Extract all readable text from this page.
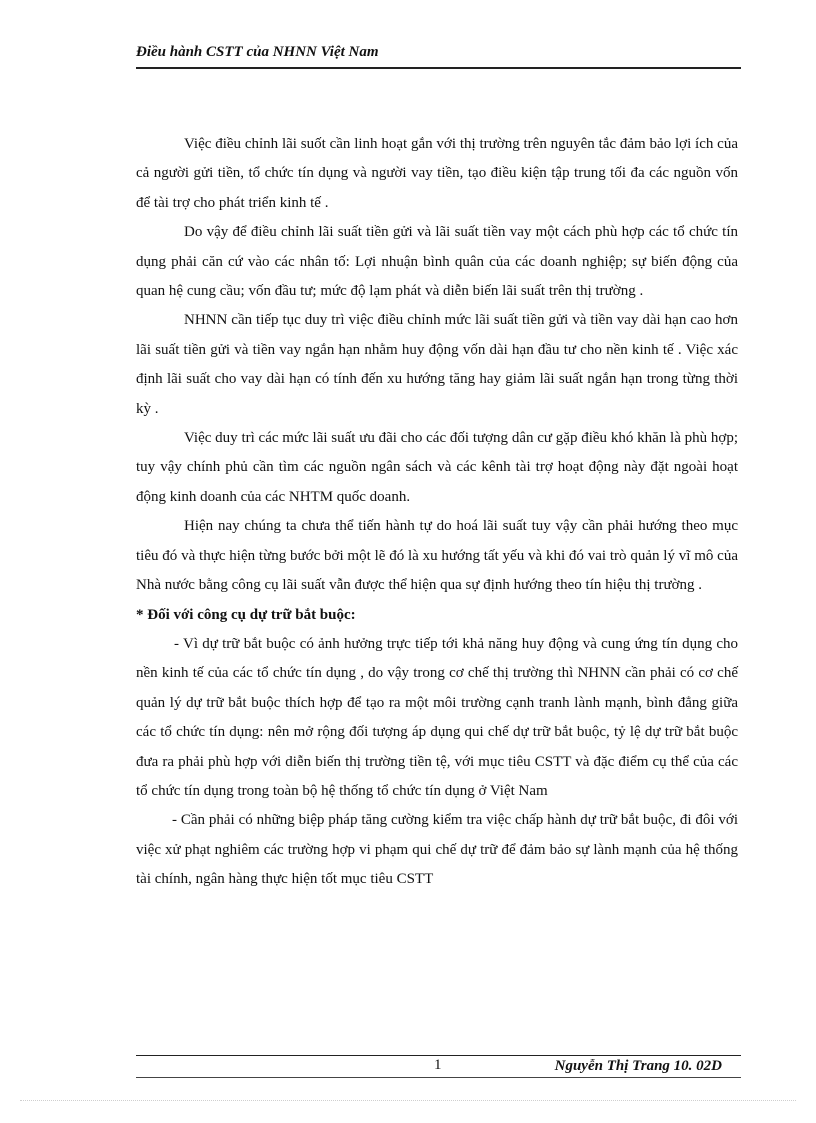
Điều hành CSTT của NHNN Việt Nam

Việc điều chỉnh lãi suốt cần linh hoạt gắn với thị trường trên nguyên tắc đảm bảo lợi ích của cả người gửi tiền, tổ chức tín dụng và người vay tiền, tạo điều kiện tập trung tối đa các nguồn vốn để tài trợ cho phát triển kinh tế .

Do vậy để điều chỉnh lãi suất tiền gửi và lãi suất tiền vay một cách phù hợp các tổ chức tín dụng phải căn cứ vào các nhân tố: Lợi nhuận bình quân của các doanh nghiệp; sự biến động của quan hệ cung cầu; vốn đầu tư; mức độ lạm phát và diễn biến lãi suất trên thị trường .

NHNN cần tiếp tục duy trì việc điều chỉnh mức lãi suất tiền gửi và tiền vay dài hạn cao hơn lãi suất tiền gửi và tiền vay ngắn hạn nhằm huy động vốn dài hạn đầu tư cho nền kinh tế . Việc xác định lãi suất cho vay dài hạn có tính đến xu hướng tăng hay giảm lãi suất ngắn hạn trong từng thời kỳ .

Việc duy trì các mức lãi suất ưu đãi cho các đối tượng dân cư gặp điều khó khăn là phù hợp; tuy vậy chính phủ cần tìm các nguồn ngân sách và các kênh tài trợ hoạt động này đặt ngoài hoạt động kinh doanh của các NHTM quốc doanh.

Hiện nay chúng ta chưa thể tiến hành tự do hoá lãi suất tuy vậy cần phải hướng theo mục tiêu đó và thực hiện từng bước bởi một lẽ đó là xu hướng tất yếu và khi đó vai trò quản lý vĩ mô của Nhà nước bằng công cụ lãi suất vẫn được thể hiện qua sự định hướng theo tín hiệu thị trường .

* Đối với công cụ dự trữ bắt buộc:

- Vì dự trữ bắt buộc có ảnh hưởng trực tiếp tới khả năng huy động và cung ứng tín dụng cho nền kinh tế của các tổ chức tín dụng , do vậy trong cơ chế thị trường thì NHNN cần phải có cơ chế quản lý dự trữ bắt buộc thích hợp để tạo ra một môi trường cạnh tranh lành mạnh, bình đẳng giữa các tổ chức tín dụng: nên mở rộng đối tượng áp dụng qui chế dự trữ bắt buộc, tỷ lệ dự trữ bắt buộc đưa ra phải phù hợp với diễn biến thị trường tiền tệ, với mục tiêu CSTT và đặc điểm cụ thể của các tổ chức tín dụng trong toàn bộ hệ thống tổ chức tín dụng ở Việt Nam

- Cần phải có những biệp pháp tăng cường kiểm tra việc chấp hành dự trữ bắt buộc, đi đôi với việc xử phạt nghiêm các trường hợp vi phạm qui chế dự trữ để đảm bảo sự lành mạnh của hệ thống tài chính, ngân hàng thực hiện tốt mục tiêu CSTT

1	Nguyễn Thị Trang 10. 02D
